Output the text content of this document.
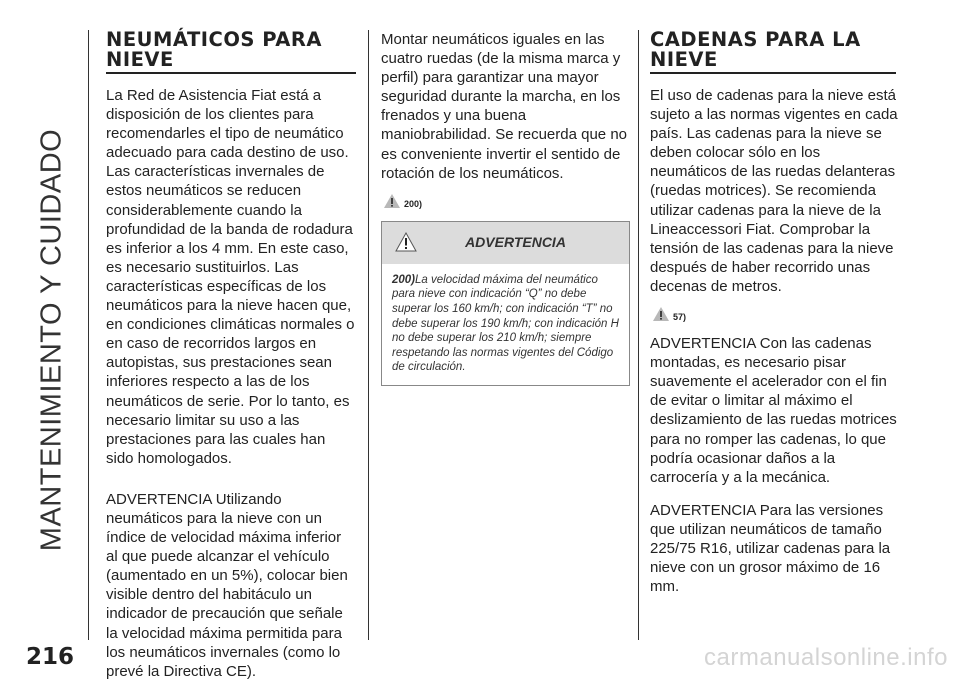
MANTENIMIENTO Y CUIDADO
216
NEUMÁTICOS PARA NIEVE

La Red de Asistencia Fiat está a disposición de los clientes para recomendarles el tipo de neumático adecuado para cada destino de uso. Las características invernales de estos neumáticos se reducen considerablemente cuando la profundidad de la banda de rodadura es inferior a los 4 mm. En este caso, es necesario sustituirlos. Las características específicas de los neumáticos para la nieve hacen que, en condiciones climáticas normales o en caso de recorridos largos en autopistas, sus prestaciones sean inferiores respecto a las de los neumáticos de serie. Por lo tanto, es necesario limitar su uso a las prestaciones para las cuales han sido homologados.

ADVERTENCIA Utilizando neumáticos para la nieve con un índice de velocidad máxima inferior al que puede alcanzar el vehículo (aumentado en un 5%), colocar bien visible dentro del habitáculo un indicador de precaución que señale la velocidad máxima permitida para los neumáticos invernales (como lo prevé la Directiva CE).

Montar neumáticos iguales en las cuatro ruedas (de la misma marca y perfil) para garantizar una mayor seguridad durante la marcha, en los frenados y una buena maniobrabilidad. Se recuerda que no es conveniente invertir el sentido de rotación de los neumáticos.

200)
ADVERTENCIA
200)La velocidad máxima del neumático para nieve con indicación “Q” no debe superar los 160 km/h; con indicación “T” no debe superar los 190 km/h; con indicación H no debe superar los 210 km/h; siempre respetando las normas vigentes del Código de circulación.
CADENAS PARA LA NIEVE

El uso de cadenas para la nieve está sujeto a las normas vigentes en cada país. Las cadenas para la nieve se deben colocar sólo en los neumáticos de las ruedas delanteras (ruedas motrices). Se recomienda utilizar cadenas para la nieve de la Lineaccessori Fiat. Comprobar la tensión de las cadenas para la nieve después de haber recorrido unas decenas de metros.

57)

ADVERTENCIA Con las cadenas montadas, es necesario pisar suavemente el acelerador con el fin de evitar o limitar al máximo el deslizamiento de las ruedas motrices para no romper las cadenas, lo que podría ocasionar daños a la carrocería y a la mecánica.

ADVERTENCIA Para las versiones que utilizan neumáticos de tamaño 225/75 R16, utilizar cadenas para la nieve con un grosor máximo de 16 mm.

carmanualsonline.info
